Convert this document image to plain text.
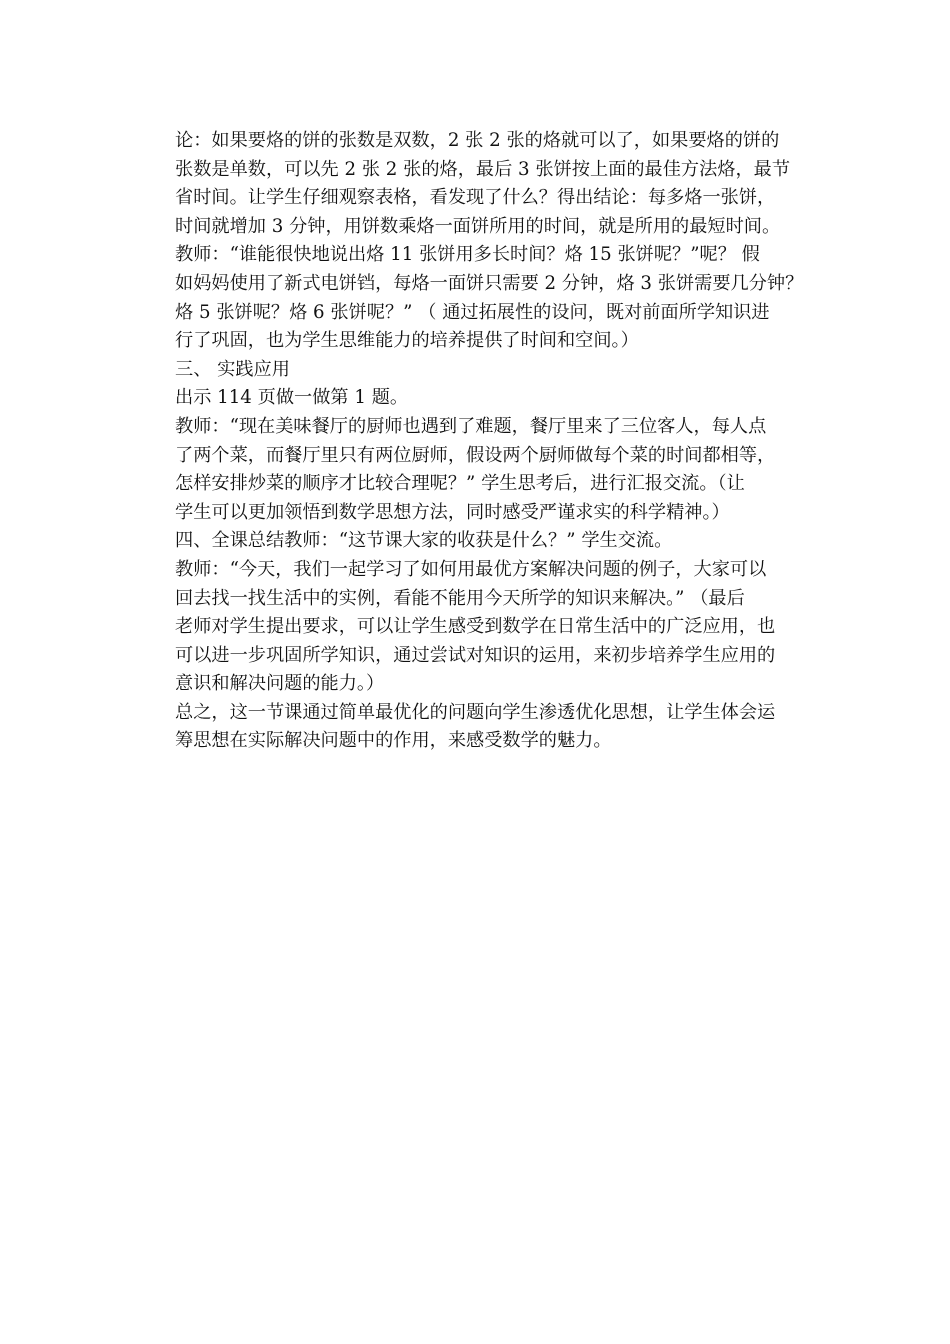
论：如果要烙的饼的张数是双数，2 张 2 张的烙就可以了，如果要烙的饼的
张数是单数，可以先 2 张 2 张的烙，最后 3 张饼按上面的最佳方法烙，最节
省时间。让学生仔细观察表格，看发现了什么？得出结论：每多烙一张饼，
时间就增加 3 分钟，用饼数乘烙一面饼所用的时间，就是所用的最短时间。
教师：“谁能很快地说出烙 11 张饼用多长时间？烙 15 张饼呢？”呢？ 假
如妈妈使用了新式电饼铛，每烙一面饼只需要 2 分钟，烙 3 张饼需要几分钟？
烙 5 张饼呢？烙 6 张饼呢？” （ 通过拓展性的设问，既对前面所学知识进
行了巩固，也为学生思维能力的培养提供了时间和空间。）
三、 实践应用
出示 114 页做一做第 1 题。
教师：“现在美味餐厅的厨师也遇到了难题，餐厅里来了三位客人，每人点
了两个菜，而餐厅里只有两位厨师，假设两个厨师做每个菜的时间都相等，
怎样安排炒菜的顺序才比较合理呢？” 学生思考后，进行汇报交流。（让
学生可以更加领悟到数学思想方法，同时感受严谨求实的科学精神。）
四、全课总结教师：“这节课大家的收获是什么？” 学生交流。
教师：“今天，我们一起学习了如何用最优方案解决问题的例子，大家可以
回去找一找生活中的实例，看能不能用今天所学的知识来解决。” （最后
老师对学生提出要求，可以让学生感受到数学在日常生活中的广泛应用，也
可以进一步巩固所学知识，通过尝试对知识的运用，来初步培养学生应用的
意识和解决问题的能力。）
总之，这一节课通过简单最优化的问题向学生渗透优化思想，让学生体会运
筹思想在实际解决问题中的作用，来感受数学的魅力。
